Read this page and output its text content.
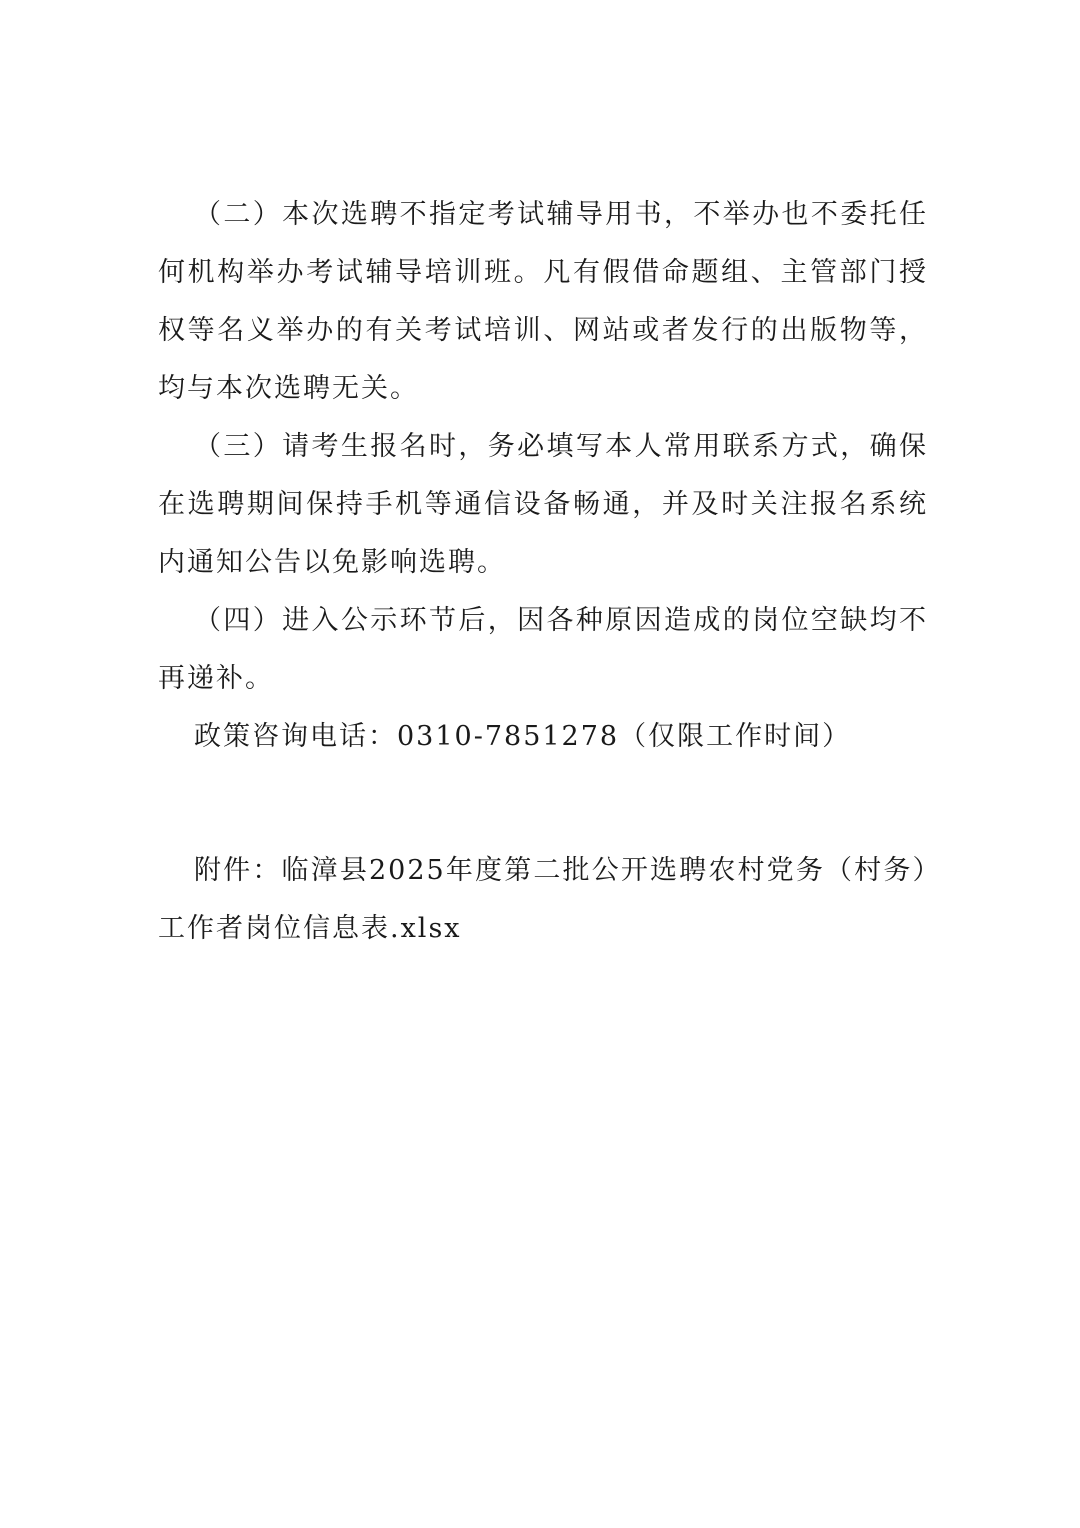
（二）本次选聘不指定考试辅导用书，不举办也不委托任何机构举办考试辅导培训班。凡有假借命题组、主管部门授权等名义举办的有关考试培训、网站或者发行的出版物等，均与本次选聘无关。

（三）请考生报名时，务必填写本人常用联系方式，确保在选聘期间保持手机等通信设备畅通，并及时关注报名系统内通知公告以免影响选聘。

（四）进入公示环节后，因各种原因造成的岗位空缺均不再递补。

政策咨询电话：0310-7851278（仅限工作时间）

附件：临漳县2025年度第二批公开选聘农村党务（村务）工作者岗位信息表.xlsx
